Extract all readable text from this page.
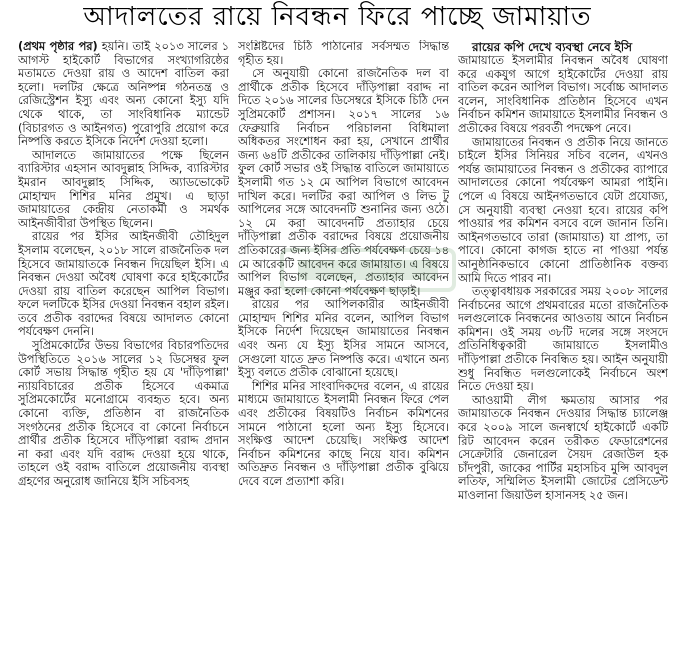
আদালতের রায়ে নিবন্ধন ফিরে পাচ্ছে জামায়াত

(প্রথম পৃষ্ঠার পর) হয়নি। তাই ২০১৩ সালের ১ আগস্ট হাইকোর্ট বিভাগের সংখ্যাগরিষ্ঠের মতামতে দেওয়া রায় ও আদেশ বাতিল করা হলো। দলটির ক্ষেত্রে অনিষ্পন্ন গঠনতন্ত্র ও রেজিস্ট্রেশন ইস্যু এবং অন্য কোনো ইস্যু যদি থেকে থাকে, তা সাংবিধানিক ম্যান্ডেট (বিচারগত ও আইনগত) পুরোপুরি প্রয়োগ করে নিষ্পত্তি করতে ইসিকে নির্দেশ দেওয়া হলো।

আদালতে জামায়াতের পক্ষে ছিলেন ব্যারিস্টার এহসান আবদুল্লাহ সিদ্দিক, ব্যারিস্টার ইমরান আবদুল্লাহ সিদ্দিক, অ্যাডভোকেট মোহাম্মদ শিশির মনির প্রমুখ। এ ছাড়া জামায়াতের কেন্দ্রীয় নেতাকর্মী ও সমর্থক আইনজীবীরা উপস্থিত ছিলেন।

রায়ের পর ইসির আইনজীবী তৌহিদুল ইসলাম বলেছেন, ২০১৮ সালে রাজনৈতিক দল হিসেবে জামায়াতকে নিবন্ধন দিয়েছিল ইসি। এ নিবন্ধন দেওয়া অবৈধ ঘোষণা করে হাইকোর্টের দেওয়া রায় বাতিল করেছেন আপিল বিভাগ। ফলে দলটিকে ইসির দেওয়া নিবন্ধন বহাল রইল। তবে প্রতীক বরাদ্দের বিষয়ে আদালত কোনো পর্যবেক্ষণ দেননি।

সুপ্রিমকোর্টের উভয় বিভাগের বিচারপতিদের উপস্থিতিতে ২০১৬ সালের ১২ ডিসেম্বর ফুল কোর্ট সভায় সিদ্ধান্ত গৃহীত হয় যে 'দাঁড়িপাল্লা' ন্যায়বিচারের প্রতীক হিসেবে একমাত্র সুপ্রিমকোর্টের মনোগ্রামে ব্যবহৃত হবে। অন্য কোনো ব্যক্তি, প্রতিষ্ঠান বা রাজনৈতিক সংগঠনের প্রতীক হিসেবে বা কোনো নির্বাচনে প্রার্থীর প্রতীক হিসেবে দাঁড়িপাল্লা বরাদ্দ প্রদান না করা এবং যদি বরাদ্দ দেওয়া হয়ে থাকে, তাহলে ওই বরাদ্দ বাতিলে প্রয়োজনীয় ব্যবস্থা গ্রহণের অনুরোধ জানিয়ে ইসি সচিবসহ

সংশ্লিষ্টদের চিঠি পাঠানোর সর্বসম্মত সিদ্ধান্ত গৃহীত হয়।

সে অনুযায়ী কোনো রাজনৈতিক দল বা প্রার্থীকে প্রতীক হিসেবে দাঁড়িপাল্লা বরাদ্দ না দিতে ২০১৬ সালের ডিসেম্বরে ইসিকে চিঠি দেন সুপ্রিমকোর্ট প্রশাসন। ২০১৭ সালের ১৬ ফেব্রুয়ারি নির্বাচন পরিচালনা বিধিমালা অধিকতর সংশোধন করা হয়, সেখানে প্রার্থীর জন্য ৬৪টি প্রতীকের তালিকায় দাঁড়িপাল্লা নেই। ফুল কোর্ট সভার ওই সিদ্ধান্ত বাতিলে জামায়াতে ইসলামী গত ১২ মে আপিল বিভাগে আবেদন দাখিল করে। দলটির করা আপিল ও লিভ টু আপিলের সঙ্গে আবেদনটি শুনানির জন্য ওঠে। ১২ মে করা আবেদনটি প্রত্যাহার চেয়ে দাঁড়িপাল্লা প্রতীক বরাদ্দের বিষয়ে প্রয়োজনীয় প্রতিকারের জন্য ইসির প্রতি পর্যবেক্ষণ চেয়ে ১৪ মে আরেকটি আবেদন করে জামায়াত। এ বিষয়ে আপিল বিভাগ বলেছেন, প্রত্যাহার আবেদন মঞ্জুর করা হলো কোনো পর্যবেক্ষণ ছাড়াই।

রায়ের পর আপিলকারীর আইনজীবী মোহাম্মদ শিশির মনির বলেন, আপিল বিভাগ ইসিকে নির্দেশ দিয়েছেন জামায়াতের নিবন্ধন এবং অন্য যে ইস্যু ইসির সামনে আসবে, সেগুলো যাতে দ্রুত নিষ্পত্তি করে। এখানে অন্য ইস্যু বলতে প্রতীক বোঝানো হয়েছে।

শিশির মনির সাংবাদিকদের বলেন, এ রায়ের মাধ্যমে জামায়াতে ইসলামী নিবন্ধন ফিরে পেল এবং প্রতীকের বিষয়টিও নির্বাচন কমিশনের সামনে পাঠানো হলো অন্য ইস্যু হিসেবে। সংক্ষিপ্ত আদেশ চেয়েছি। সংক্ষিপ্ত আদেশ নির্বাচন কমিশনের কাছে নিয়ে যাব। কমিশন অতিদ্রুত নিবন্ধন ও দাঁড়িপাল্লা প্রতীক বুঝিয়ে দেবে বলে প্রত্যাশা করি।

রায়ের কপি দেখে ব্যবস্থা নেবে ইসি

জামায়াতে ইসলামীর নিবন্ধন অবৈধ ঘোষণা করে একযুগ আগে হাইকোর্টের দেওয়া রায় বাতিল করেন আপিল বিভাগ। সর্বোচ্চ আদালত বলেন, সাংবিধানিক প্রতিষ্ঠান হিসেবে এখন নির্বাচন কমিশন জামায়াতে ইসলামীর নিবন্ধন ও প্রতীকের বিষয়ে পরবর্তী পদক্ষেপ নেবে।

জামায়াতের নিবন্ধন ও প্রতীক নিয়ে জানতে চাইলে ইসির সিনিয়র সচিব বলেন, এখনও পর্যন্ত জামায়াতের নিবন্ধন ও প্রতীকের ব্যাপারে আদালতের কোনো পর্যবেক্ষণ আমরা পাইনি। পেলে এ বিষয়ে আইনগতভাবে যেটা প্রযোজ্য, সে অনুযায়ী ব্যবস্থা নেওয়া হবে। রায়ের কপি পাওয়ার পর কমিশন বসবে বলে জানান তিনি। আইনগতভাবে তারা (জামায়াত) যা প্রাপ্য, তা পাবে। কোনো কাগজ হাতে না পাওয়া পর্যন্ত আনুষ্ঠানিকভাবে কোনো প্রাতিষ্ঠানিক বক্তব্য আমি দিতে পারব না।

তত্ত্বাবধায়ক সরকারের সময় ২০০৮ সালের নির্বাচনের আগে প্রথমবারের মতো রাজনৈতিক দলগুলোকে নিবন্ধনের আওতায় আনে নির্বাচন কমিশন। ওই সময় ৩৮টি দলের সঙ্গে সংসদে প্রতিনিধিত্বকারী জামায়াতে ইসলামীও দাঁড়িপাল্লা প্রতীকে নিবন্ধিত হয়। আইন অনুযায়ী শুধু নিবন্ধিত দলগুলোকেই নির্বাচনে অংশ নিতে দেওয়া হয়।

আওয়ামী লীগ ক্ষমতায় আসার পর জামায়াতকে নিবন্ধন দেওয়ার সিদ্ধান্ত চ্যালেঞ্জ করে ২০০৯ সালে জনস্বার্থে হাইকোর্টে একটি রিট আবেদন করেন তরীকত ফেডারেশনের সেক্রেটারি জেনারেল সৈয়দ রেজাউল হক চাঁদপুরী, জাকের পার্টির মহাসচিব মুন্সি আবদুল লতিফ, সম্মিলিত ইসলামী জোটের প্রেসিডেন্ট মাওলানা জিয়াউল হাসানসহ ২৫ জন।
